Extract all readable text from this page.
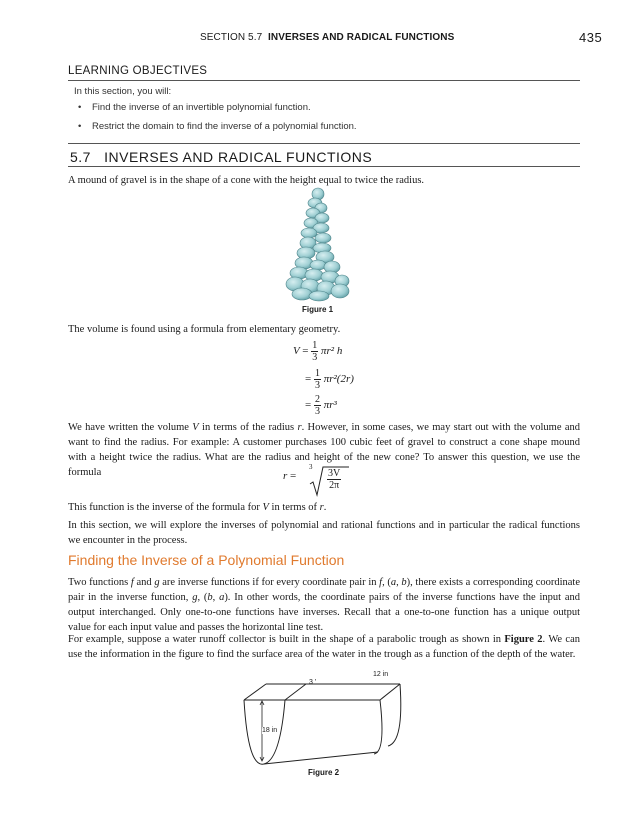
SECTION 5.7 INVERSES AND RADICAL FUNCTIONS	435
LEARNING OBJECTIVES
In this section, you will:
• Find the inverse of an invertible polynomial function.
• Restrict the domain to find the inverse of a polynomial function.
5.7 INVERSES AND RADICAL FUNCTIONS
A mound of gravel is in the shape of a cone with the height equal to twice the radius.
Figure 1
The volume is found using a formula from elementary geometry.
$V = \frac{1}{3} \pi r^2$ h
= $\frac{1}{3} \pi r^2(2r)$
= $\frac{2}{3} \pi r^3$
We have written the volume V in terms of the radius r. However, in some cases, we may start out with the volume and want to find the radius. For example: A customer purchases 100 cubic feet of gravel to construct a cone shape mound with a height twice the radius. What are the radius and height of the new cone? To answer this question, we use the formula	r =
3
$\frac{3V}{2\pi}$
This function is the inverse of the formula for V in terms of r.
In this section, we will explore the inverses of polynomial and rational functions and in particular the radical functions we encounter in the process.
Finding the Inverse of a Polynomial Function
Two functions f and g are inverse functions if for every coordinate pair in f, (a, b), there exists a corresponding coordinate pair in the inverse function, g, (b, a). In other words, the coordinate pairs of the inverse functions have the input and output interchanged. Only one-to-one functions have inverses. Recall that a one-to-one function has a unique output value for each input value and passes the horizontal line test.
For example, suppose a water runoff collector is built in the shape of a parabolic trough as shown in Figure 2. We can use the information in the figure to find the surface area of the water in the trough as a function of the depth of the water.
3 '
12 in
18 in
Figure 2
